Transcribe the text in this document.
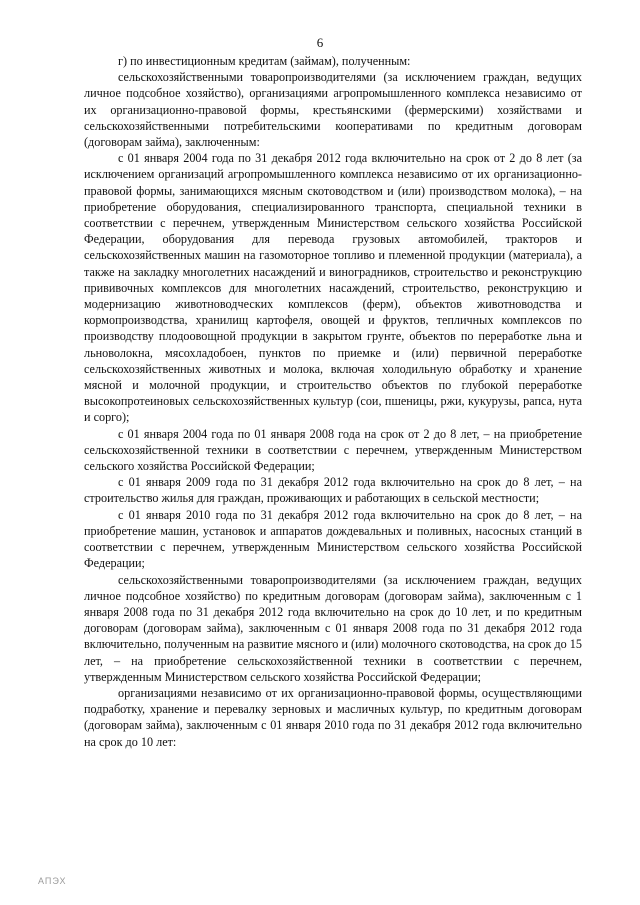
6

г) по инвестиционным кредитам (займам), полученным:

сельскохозяйственными товаропроизводителями (за исключением граждан, ведущих личное подсобное хозяйство), организациями агропромышленного комплекса независимо от их организационно-правовой формы, крестьянскими (фермерскими) хозяйствами и сельскохозяйственными потребительскими кооперативами по кредитным договорам (договорам займа), заключенным:

с 01 января 2004 года по 31 декабря 2012 года включительно на срок от 2 до 8 лет (за исключением организаций агропромышленного комплекса независимо от их организационно-правовой формы, занимающихся мясным скотоводством и (или) производством молока), – на приобретение оборудования, специализированного транспорта, специальной техники в соответствии с перечнем, утвержденным Министерством сельского хозяйства Российской Федерации, оборудования для перевода грузовых автомобилей, тракторов и сельскохозяйственных машин на газомоторное топливо и племенной продукции (материала), а также на закладку многолетних насаждений и виноградников, строительство и реконструкцию прививочных комплексов для многолетних насаждений, строительство, реконструкцию и модернизацию животноводческих комплексов (ферм), объектов животноводства и кормопроизводства, хранилищ картофеля, овощей и фруктов, тепличных комплексов по производству плодоовощной продукции в закрытом грунте, объектов по переработке льна и льноволокна, мясохладобоен, пунктов по приемке и (или) первичной переработке сельскохозяйственных животных и молока, включая холодильную обработку и хранение мясной и молочной продукции, и строительство объектов по глубокой переработке высокопротеиновых сельскохозяйственных культур (сои, пшеницы, ржи, кукурузы, рапса, нута и сорго);

с 01 января 2004 года по 01 января 2008 года на срок от 2 до 8 лет, – на приобретение сельскохозяйственной техники в соответствии с перечнем, утвержденным Министерством сельского хозяйства Российской Федерации;

с 01 января 2009 года по 31 декабря 2012 года включительно на срок до 8 лет, – на строительство жилья для граждан, проживающих и работающих в сельской местности;

с 01 января 2010 года по 31 декабря 2012 года включительно на срок до 8 лет, – на приобретение машин, установок и аппаратов дождевальных и поливных, насосных станций в соответствии с перечнем, утвержденным Министерством сельского хозяйства Российской Федерации;

сельскохозяйственными товаропроизводителями (за исключением граждан, ведущих личное подсобное хозяйство) по кредитным договорам (договорам займа), заключенным с 1 января 2008 года по 31 декабря 2012 года включительно на срок до 10 лет, и по кредитным договорам (договорам займа), заключенным с 01 января 2008 года по 31 декабря 2012 года включительно, полученным на развитие мясного и (или) молочного скотоводства, на срок до 15 лет, – на приобретение сельскохозяйственной техники в соответствии с перечнем, утвержденным Министерством сельского хозяйства Российской Федерации;

организациями независимо от их организационно-правовой формы, осуществляющими подработку, хранение и перевалку зерновых и масличных культур, по кредитным договорам (договорам займа), заключенным с 01 января 2010 года по 31 декабря 2012 года включительно на срок до 10 лет:

АПЭХ
